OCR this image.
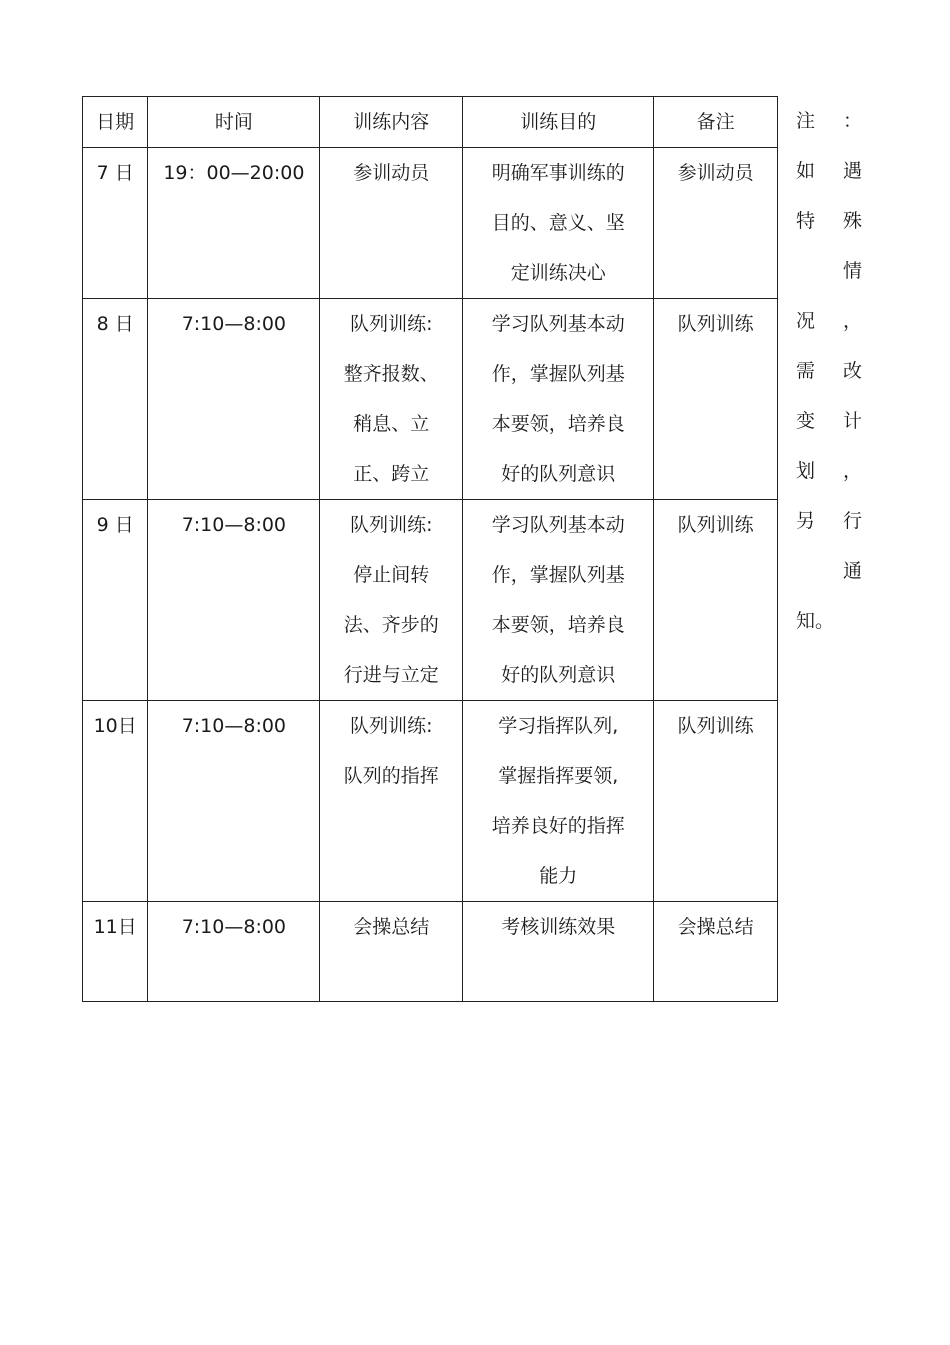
日期	时间	训练内容	训练目的	备注

7 日	19：00—20:00	参训动员	明确军事训练的
目的、意义、坚
定训练决心	参训动员

8 日	7:10—8:00	队列训练:
整齐报数、
稍息、立
正、跨立	学习队列基本动
作，掌握队列基
本要领，培养良
好的队列意识	队列训练

9 日	7:10—8:00	队列训练:
停止间转
法、齐步的
行进与立定	学习队列基本动
作，掌握队列基
本要领，培养良
好的队列意识	队列训练

10日	7:10—8:00	队列训练:
队列的指挥	学习指挥队列,
掌握指挥要领,
培养良好的指挥
能力	队列训练

11日	7:10—8:00	会操总结	考核训练效果	会操总结
注 ：
如 遇
特 殊
情
况 ，
需 改
变 计
划 ，
另 行
通
知。
